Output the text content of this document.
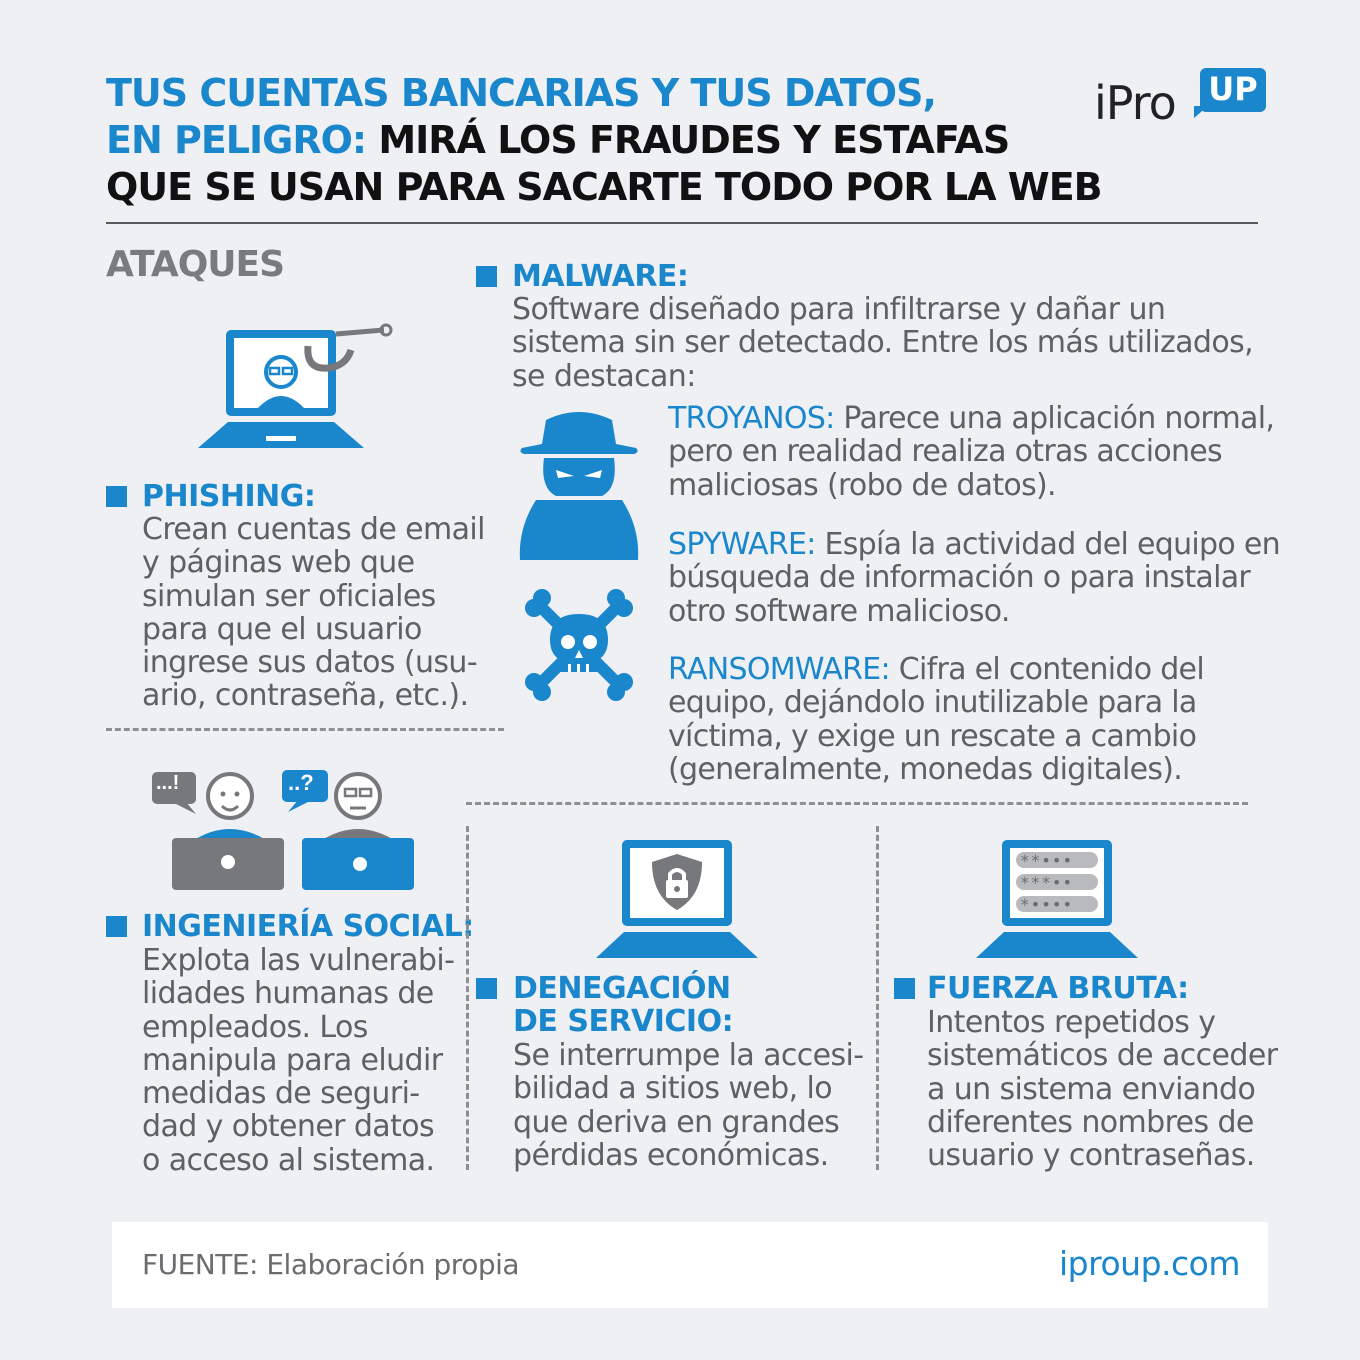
TUS CUENTAS BANCARIAS Y TUS DATOS,
EN PELIGRO: MIRÁ LOS FRAUDES Y ESTAFAS
QUE SE USAN PARA SACARTE TODO POR LA WEB
iPro UP
ATAQUES
PHISHING:
Crean cuentas de email
y páginas web que
simulan ser oficiales
para que el usuario
ingrese sus datos (usu-
ario, contraseña, etc.).
MALWARE:
Software diseñado para infiltrarse y dañar un
sistema sin ser detectado. Entre los más utilizados,
se destacan:
TROYANOS: Parece una aplicación normal,
pero en realidad realiza otras acciones
maliciosas (robo de datos).
SPYWARE: Espía la actividad del equipo en
búsqueda de información o para instalar
otro software malicioso.
RANSOMWARE: Cifra el contenido del
equipo, dejándolo inutilizable para la
víctima, y exige un rescate a cambio
(generalmente, monedas digitales).
...!	..?
INGENIERÍA SOCIAL:
Explota las vulnerabi-
lidades humanas de
empleados. Los
manipula para eludir
medidas de seguri-
dad y obtener datos
o acceso al sistema.
DENEGACIÓN
DE SERVICIO:
Se interrumpe la accesi-
bilidad a sitios web, lo
que deriva en grandes
pérdidas económicas.
**•••
***••
*••••
FUERZA BRUTA:
Intentos repetidos y
sistemáticos de acceder
a un sistema enviando
diferentes nombres de
usuario y contraseñas.
FUENTE: Elaboración propia	iproup.com
